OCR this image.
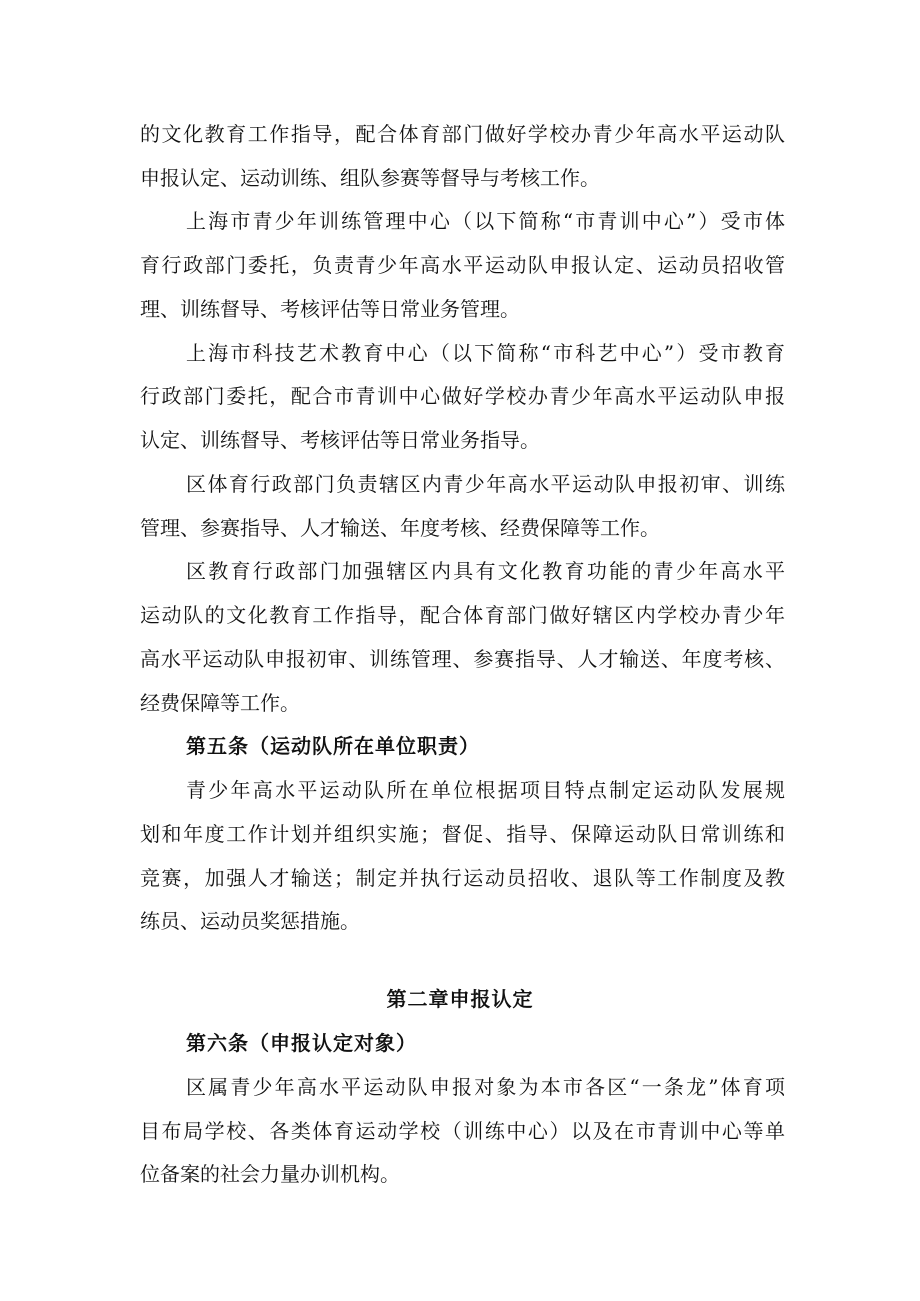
的文化教育工作指导，配合体育部门做好学校办青少年高水平运动队
申报认定、运动训练、组队参赛等督导与考核工作。
上海市青少年训练管理中心（以下简称“市青训中心”）受市体
育行政部门委托，负责青少年高水平运动队申报认定、运动员招收管
理、训练督导、考核评估等日常业务管理。
上海市科技艺术教育中心（以下简称“市科艺中心”）受市教育
行政部门委托，配合市青训中心做好学校办青少年高水平运动队申报
认定、训练督导、考核评估等日常业务指导。
区体育行政部门负责辖区内青少年高水平运动队申报初审、训练
管理、参赛指导、人才输送、年度考核、经费保障等工作。
区教育行政部门加强辖区内具有文化教育功能的青少年高水平
运动队的文化教育工作指导，配合体育部门做好辖区内学校办青少年
高水平运动队申报初审、训练管理、参赛指导、人才输送、年度考核、
经费保障等工作。
第五条（运动队所在单位职责）
青少年高水平运动队所在单位根据项目特点制定运动队发展规
划和年度工作计划并组织实施；督促、指导、保障运动队日常训练和
竞赛，加强人才输送；制定并执行运动员招收、退队等工作制度及教
练员、运动员奖惩措施。
第二章申报认定
第六条（申报认定对象）
区属青少年高水平运动队申报对象为本市各区“一条龙”体育项
目布局学校、各类体育运动学校（训练中心）以及在市青训中心等单
位备案的社会力量办训机构。
